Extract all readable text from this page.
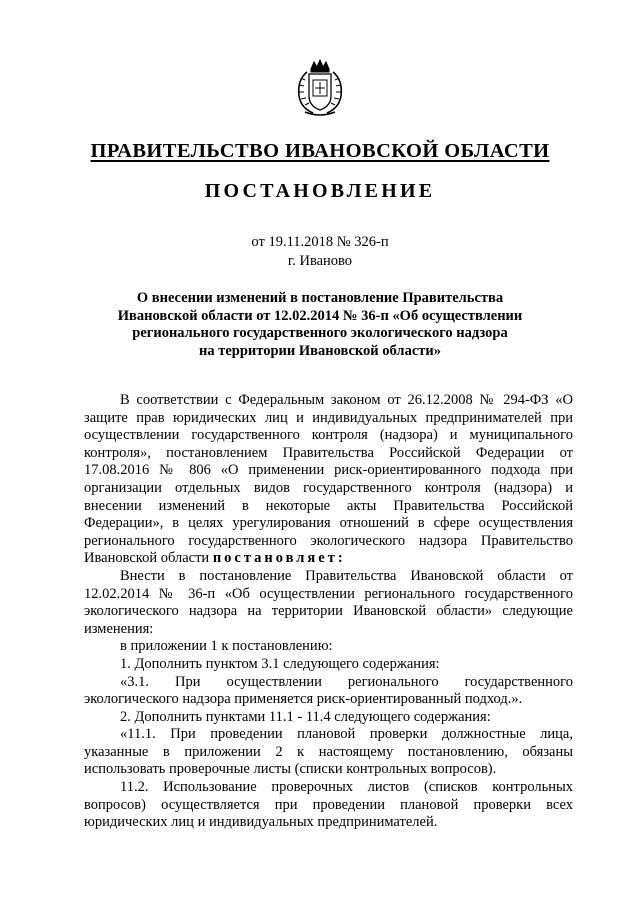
ПРАВИТЕЛЬСТВО ИВАНОВСКОЙ ОБЛАСТИ
ПОСТАНОВЛЕНИЕ
от 19.11.2018 № 326-п
г. Иваново
О внесении изменений в постановление Правительства
Ивановской области от 12.02.2014 № 36-п «Об осуществлении
регионального государственного экологического надзора
на территории Ивановской области»

В соответствии с Федеральным законом от 26.12.2008 № 294-ФЗ «О защите прав юридических лиц и индивидуальных предпринимателей при осуществлении государственного контроля (надзора) и муниципального контроля», постановлением Правительства Российской Федерации от 17.08.2016 № 806 «О применении риск-ориентированного подхода при организации отдельных видов государственного контроля (надзора) и внесении изменений в некоторые акты Правительства Российской Федерации», в целях урегулирования отношений в сфере осуществления регионального государственного экологического надзора Правительство Ивановской области постановляет:

Внести в постановление Правительства Ивановской области от 12.02.2014 № 36-п «Об осуществлении регионального государственного экологического надзора на территории Ивановской области» следующие изменения:

в приложении 1 к постановлению:

1. Дополнить пунктом 3.1 следующего содержания:

«3.1. При осуществлении регионального государственного экологического надзора применяется риск-ориентированный подход.».

2. Дополнить пунктами 11.1 - 11.4 следующего содержания:

«11.1. При проведении плановой проверки должностные лица, указанные в приложении 2 к настоящему постановлению, обязаны использовать проверочные листы (списки контрольных вопросов).

11.2. Использование проверочных листов (списков контрольных вопросов) осуществляется при проведении плановой проверки всех юридических лиц и индивидуальных предпринимателей.
